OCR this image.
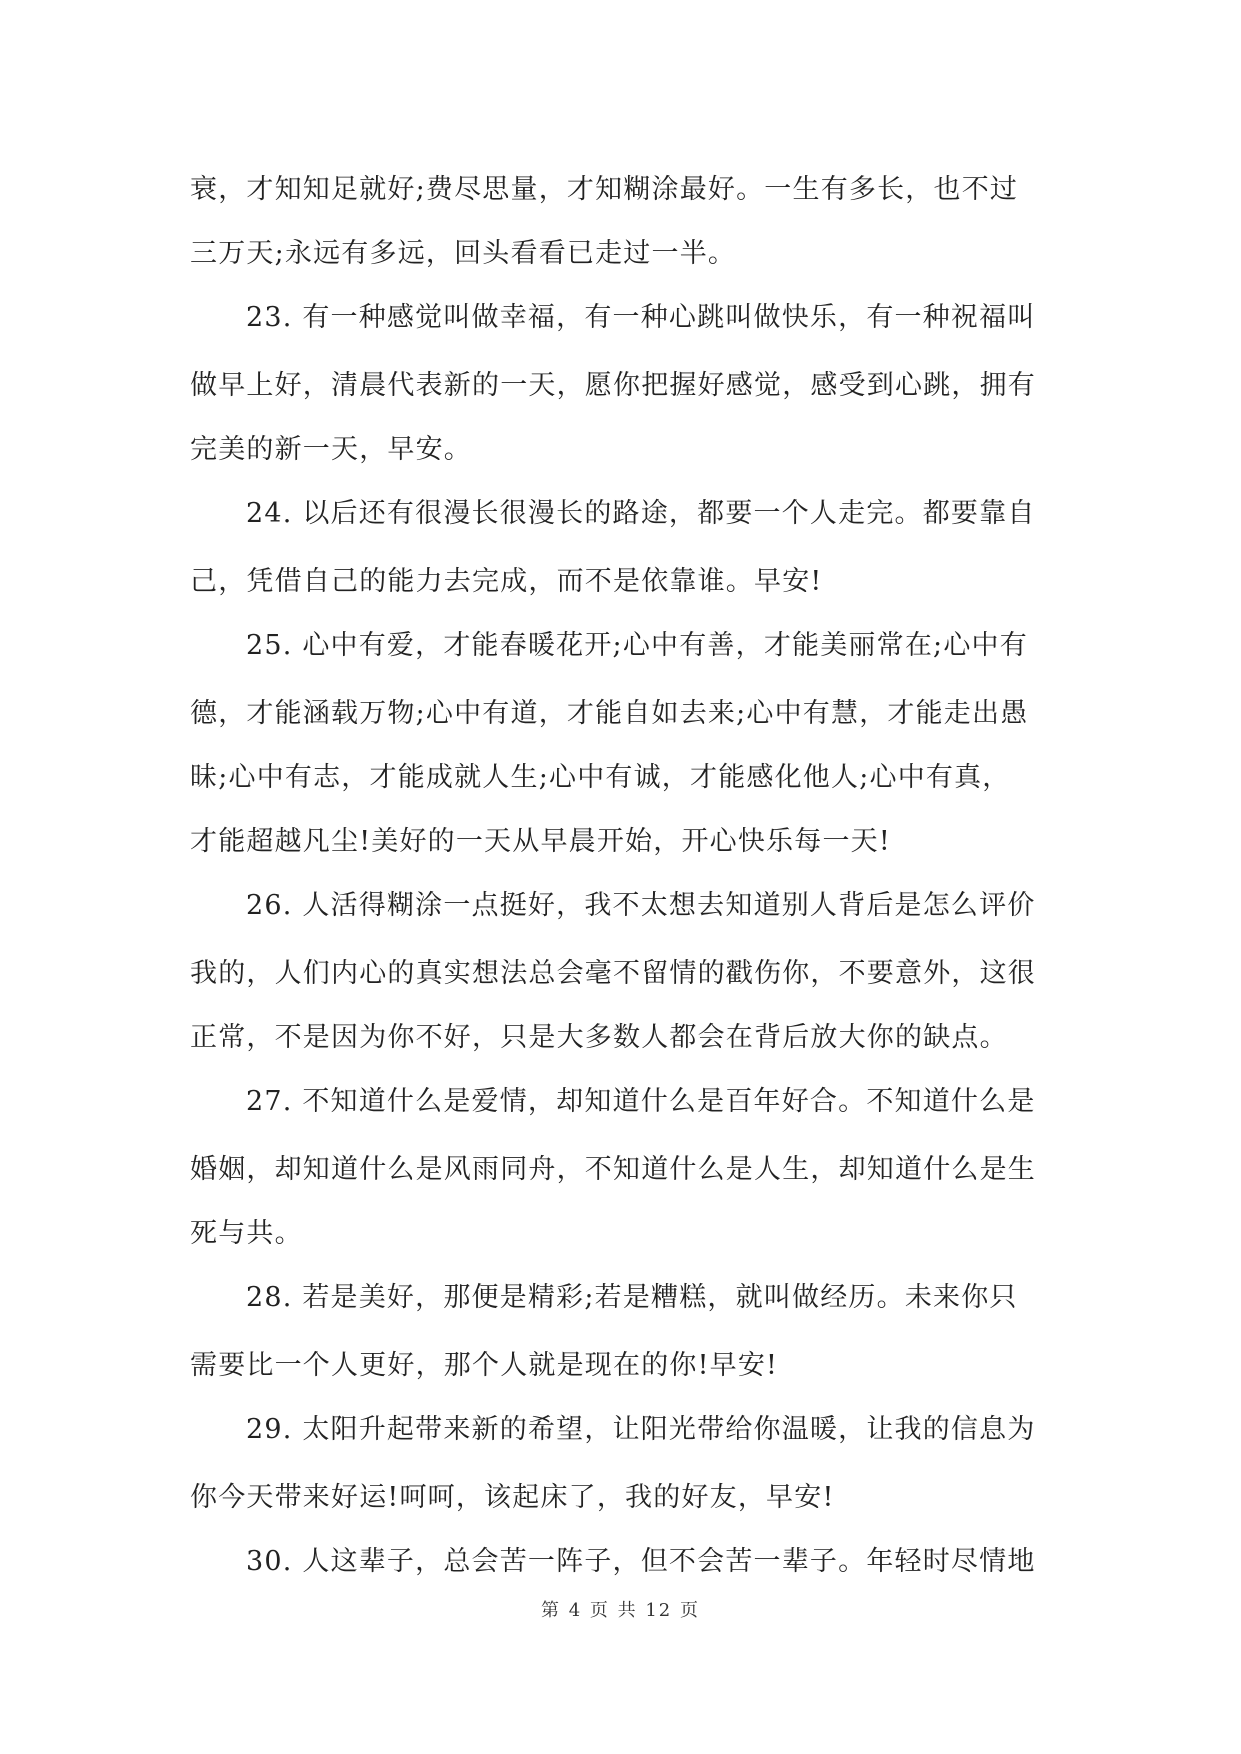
衰，才知知足就好;费尽思量，才知糊涂最好。一生有多长，也不过
三万天;永远有多远，回头看看已走过一半。
23. 有一种感觉叫做幸福，有一种心跳叫做快乐，有一种祝福叫
做早上好，清晨代表新的一天，愿你把握好感觉，感受到心跳，拥有
完美的新一天，早安。
24. 以后还有很漫长很漫长的路途，都要一个人走完。都要靠自
己，凭借自己的能力去完成，而不是依靠谁。早安!
25. 心中有爱，才能春暖花开;心中有善，才能美丽常在;心中有
德，才能涵载万物;心中有道，才能自如去来;心中有慧，才能走出愚
昧;心中有志，才能成就人生;心中有诚，才能感化他人;心中有真，
才能超越凡尘!美好的一天从早晨开始，开心快乐每一天!
26. 人活得糊涂一点挺好，我不太想去知道别人背后是怎么评价
我的，人们内心的真实想法总会毫不留情的戳伤你，不要意外，这很
正常，不是因为你不好，只是大多数人都会在背后放大你的缺点。
27. 不知道什么是爱情，却知道什么是百年好合。不知道什么是
婚姻，却知道什么是风雨同舟，不知道什么是人生，却知道什么是生
死与共。
28. 若是美好，那便是精彩;若是糟糕，就叫做经历。未来你只
需要比一个人更好，那个人就是现在的你!早安!
29. 太阳升起带来新的希望，让阳光带给你温暖，让我的信息为
你今天带来好运!呵呵，该起床了，我的好友，早安!
30. 人这辈子，总会苦一阵子，但不会苦一辈子。年轻时尽情地
第 4 页 共 12 页
